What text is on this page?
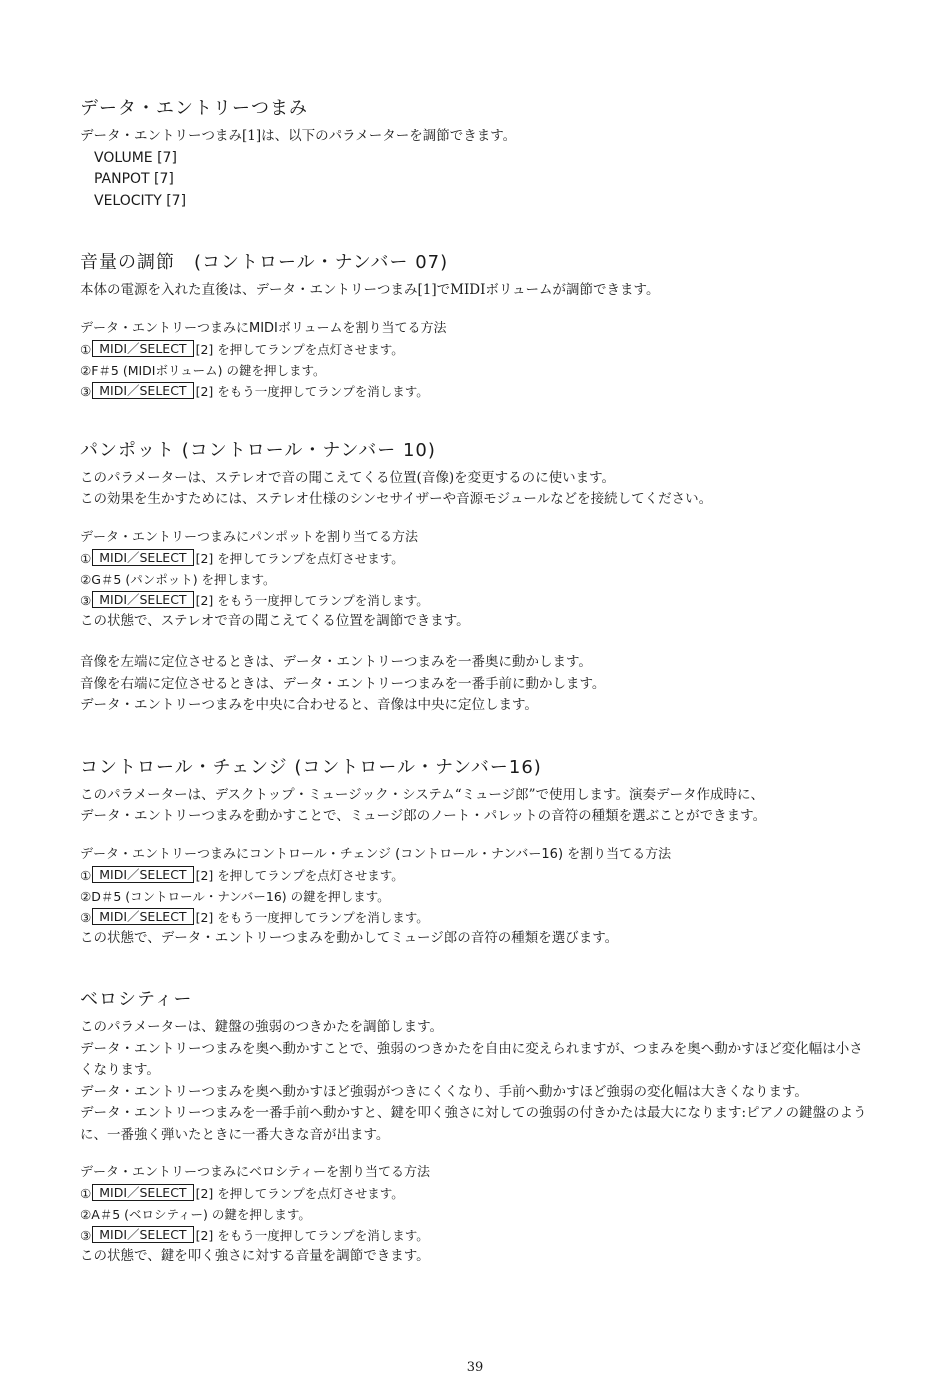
データ・エントリーつまみ

データ・エントリーつまみ[1]は、以下のパラメーターを調節できます。

VOLUME [7]

PANPOT [7]

VELOCITY [7]

音量の調節　(コントロール・ナンバー 07)

本体の電源を入れた直後は、データ・エントリーつまみ[1]でMIDIボリュームが調節できます。

データ・エントリーつまみにMIDIボリュームを割り当てる方法

① MIDI／SELECT [2] を押してランプを点灯させます。

②F＃5 (MIDIボリューム) の鍵を押します。

③ MIDI／SELECT [2] をもう一度押してランプを消します。

パンポット (コントロール・ナンバー 10)

このパラメーターは、ステレオで音の聞こえてくる位置(音像)を変更するのに使います。

この効果を生かすためには、ステレオ仕様のシンセサイザーや音源モジュールなどを接続してください。

データ・エントリーつまみにパンポットを割り当てる方法

① MIDI／SELECT [2] を押してランプを点灯させます。

②G＃5 (パンポット) を押します。

③ MIDI／SELECT [2] をもう一度押してランプを消します。

この状態で、ステレオで音の聞こえてくる位置を調節できます。

音像を左端に定位させるときは、データ・エントリーつまみを一番奥に動かします。

音像を右端に定位させるときは、データ・エントリーつまみを一番手前に動かします。

データ・エントリーつまみを中央に合わせると、音像は中央に定位します。

コントロール・チェンジ (コントロール・ナンバー16)

このパラメーターは、デスクトップ・ミュージック・システム“ミュージ郎”で使用します。演奏データ作成時に、

データ・エントリーつまみを動かすことで、ミュージ郎のノート・パレットの音符の種類を選ぶことができます。

データ・エントリーつまみにコントロール・チェンジ (コントロール・ナンバー16) を割り当てる方法

① MIDI／SELECT [2] を押してランプを点灯させます。

②D＃5 (コントロール・ナンバー16) の鍵を押します。

③ MIDI／SELECT [2] をもう一度押してランプを消します。

この状態で、データ・エントリーつまみを動かしてミュージ郎の音符の種類を選びます。

ベロシティー

このパラメーターは、鍵盤の強弱のつきかたを調節します。

データ・エントリーつまみを奥へ動かすことで、強弱のつきかたを自由に変えられますが、つまみを奥へ動かすほど変化幅は小さくなります。

データ・エントリーつまみを奥へ動かすほど強弱がつきにくくなり、手前へ動かすほど強弱の変化幅は大きくなります。

データ・エントリーつまみを一番手前へ動かすと、鍵を叩く強さに対しての強弱の付きかたは最大になります:ピアノの鍵盤のように、一番強く弾いたときに一番大きな音が出ます。

データ・エントリーつまみにベロシティーを割り当てる方法

① MIDI／SELECT [2] を押してランプを点灯させます。

②A＃5 (ベロシティー) の鍵を押します。

③ MIDI／SELECT [2] をもう一度押してランプを消します。

この状態で、鍵を叩く強さに対する音量を調節できます。

39
